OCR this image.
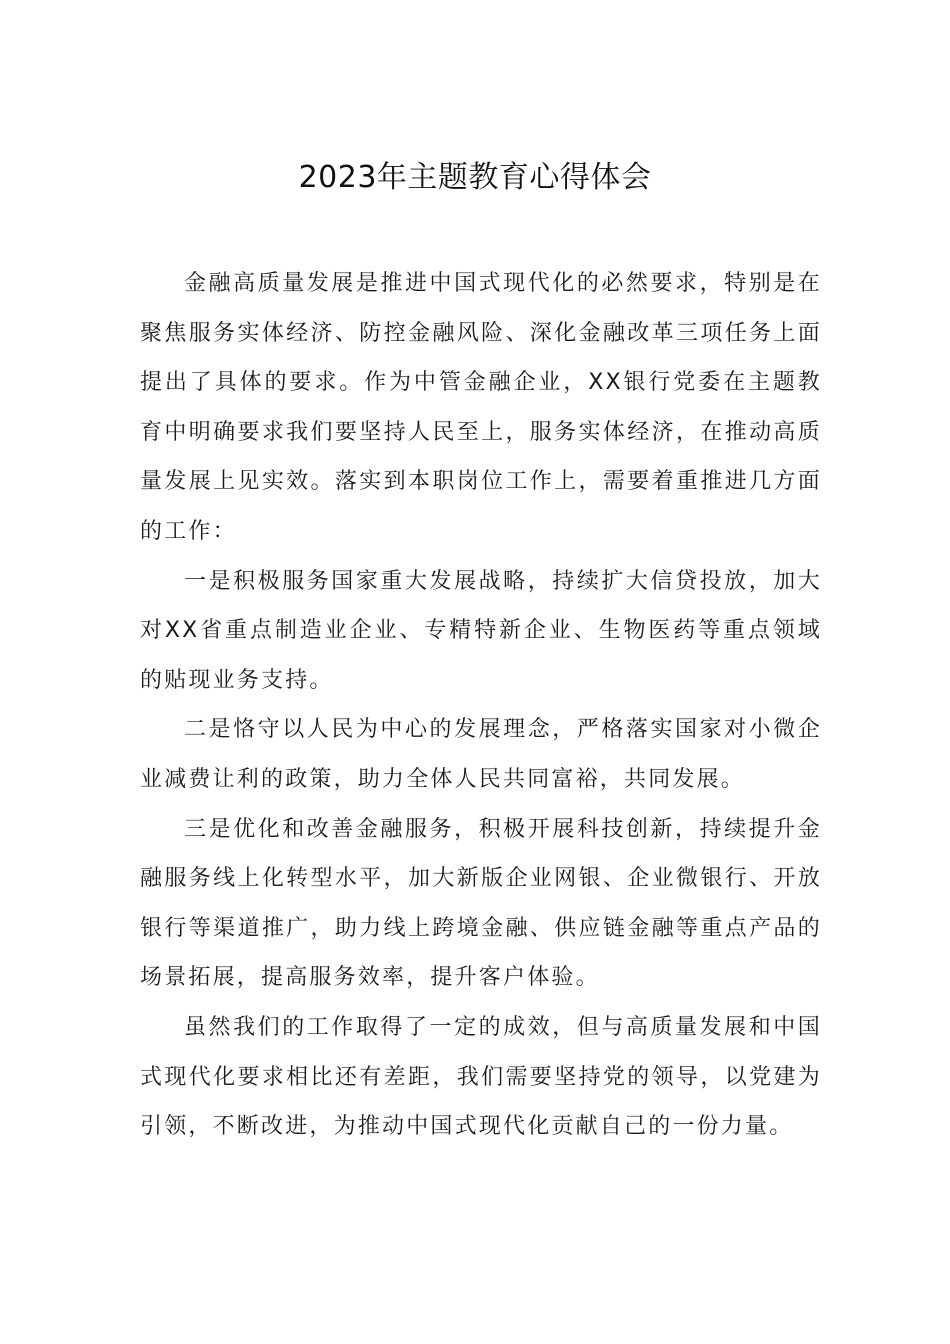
2023年主题教育心得体会

金融高质量发展是推进中国式现代化的必然要求，特别是在聚焦服务实体经济、防控金融风险、深化金融改革三项任务上面提出了具体的要求。作为中管金融企业，XX银行党委在主题教育中明确要求我们要坚持人民至上，服务实体经济，在推动高质量发展上见实效。落实到本职岗位工作上，需要着重推进几方面的工作：

一是积极服务国家重大发展战略，持续扩大信贷投放，加大对XX省重点制造业企业、专精特新企业、生物医药等重点领域的贴现业务支持。

二是恪守以人民为中心的发展理念，严格落实国家对小微企业减费让利的政策，助力全体人民共同富裕，共同发展。

三是优化和改善金融服务，积极开展科技创新，持续提升金融服务线上化转型水平，加大新版企业网银、企业微银行、开放银行等渠道推广，助力线上跨境金融、供应链金融等重点产品的场景拓展，提高服务效率，提升客户体验。

虽然我们的工作取得了一定的成效，但与高质量发展和中国式现代化要求相比还有差距，我们需要坚持党的领导，以党建为引领，不断改进，为推动中国式现代化贡献自己的一份力量。
